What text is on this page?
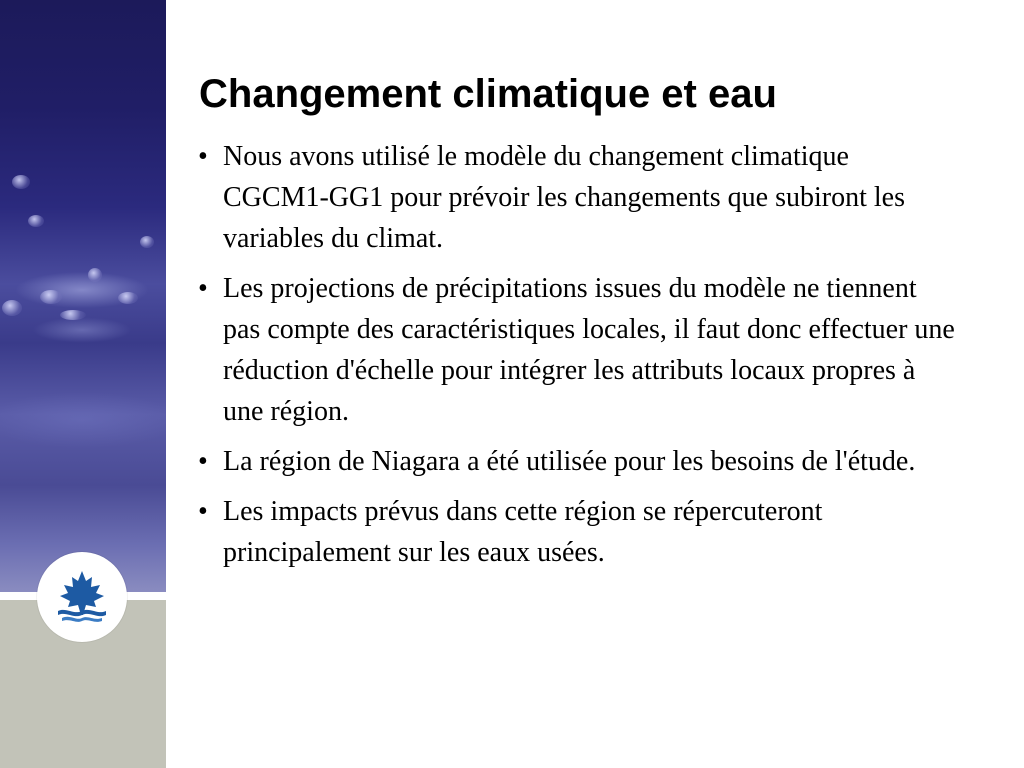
Changement climatique et eau
• Nous avons utilisé le modèle du changement climatique CGCM1-GG1 pour prévoir les changements que subiront les variables du climat.
• Les projections de précipitations issues du modèle ne tiennent pas compte des caractéristiques locales, il faut donc effectuer une réduction d'échelle pour intégrer les attributs locaux propres à une région.
• La région de Niagara a été utilisée pour les besoins de l'étude.
• Les impacts prévus dans cette région se répercuteront principalement sur les eaux usées.
